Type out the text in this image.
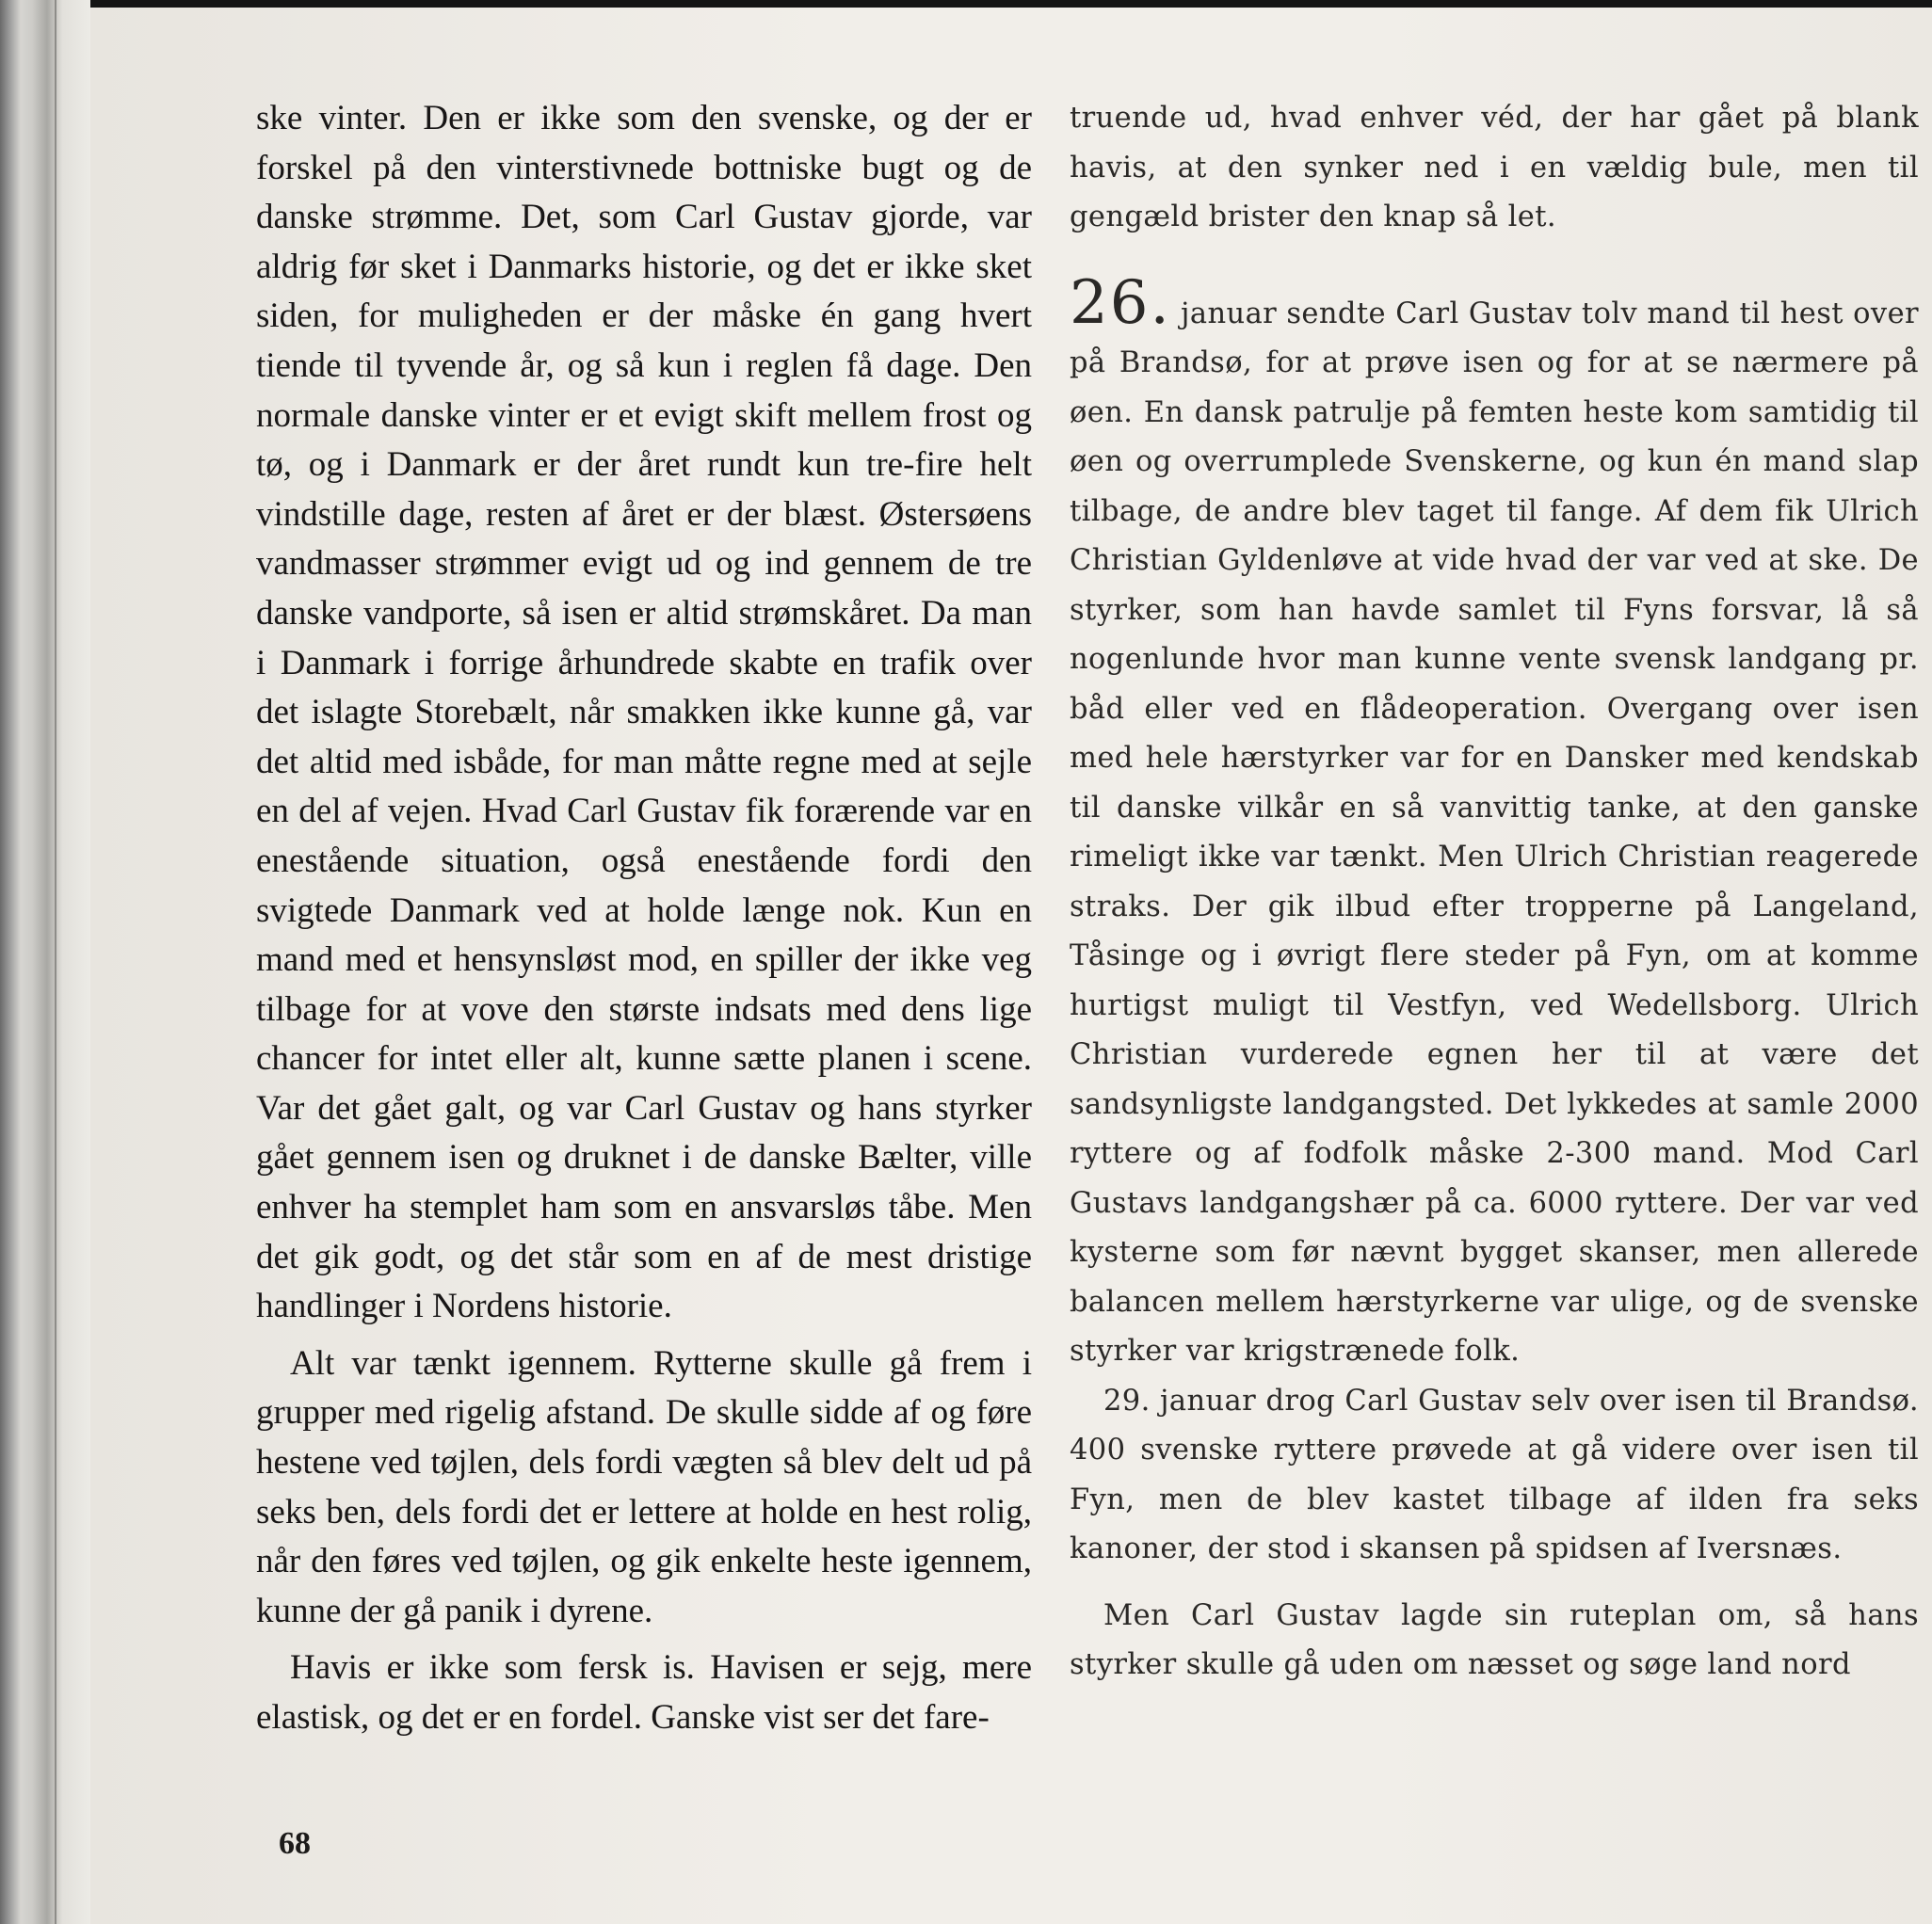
ske vinter. Den er ikke som den svenske, og der er forskel på den vinterstivnede bottniske bugt og de danske strømme. Det, som Carl Gustav gjorde, var aldrig før sket i Danmarks historie, og det er ikke sket siden, for muligheden er der måske én gang hvert tiende til tyvende år, og så kun i reglen få dage. Den normale danske vinter er et evigt skift mellem frost og tø, og i Danmark er der året rundt kun tre-fire helt vindstille dage, resten af året er der blæst. Østersøens vandmasser strømmer evigt ud og ind gennem de tre danske vandporte, så isen er altid strømskåret. Da man i Danmark i forrige århundrede skabte en trafik over det islagte Storebælt, når smakken ikke kunne gå, var det altid med isbåde, for man måtte regne med at sejle en del af vejen. Hvad Carl Gustav fik forærende var en enestående situation, også enestående fordi den svigtede Danmark ved at holde længe nok. Kun en mand med et hensynsløst mod, en spiller der ikke veg tilbage for at vove den største indsats med dens lige chancer for intet eller alt, kunne sætte planen i scene. Var det gået galt, og var Carl Gustav og hans styrker gået gennem isen og druknet i de danske Bælter, ville enhver ha stemplet ham som en ansvarsløs tåbe. Men det gik godt, og det står som en af de mest dristige handlinger i Nordens historie.

Alt var tænkt igennem. Rytterne skulle gå frem i grupper med rigelig afstand. De skulle sidde af og føre hestene ved tøjlen, dels fordi vægten så blev delt ud på seks ben, dels fordi det er lettere at holde en hest rolig, når den føres ved tøjlen, og gik enkelte heste igennem, kunne der gå panik i dyrene.

Havis er ikke som fersk is. Havisen er sejg, mere elastisk, og det er en fordel. Ganske vist ser det fare-

truende ud, hvad enhver véd, der har gået på blank havis, at den synker ned i en vældig bule, men til gengæld brister den knap så let.

26. januar sendte Carl Gustav tolv mand til hest over på Brandsø, for at prøve isen og for at se nærmere på øen. En dansk patrulje på femten heste kom samtidig til øen og overrumplede Svenskerne, og kun én mand slap tilbage, de andre blev taget til fange. Af dem fik Ulrich Christian Gyldenløve at vide hvad der var ved at ske. De styrker, som han havde samlet til Fyns forsvar, lå så nogenlunde hvor man kunne vente svensk landgang pr. båd eller ved en flådeoperation. Overgang over isen med hele hærstyrker var for en Dansker med kendskab til danske vilkår en så vanvittig tanke, at den ganske rimeligt ikke var tænkt. Men Ulrich Christian reagerede straks. Der gik ilbud efter tropperne på Langeland, Tåsinge og i øvrigt flere steder på Fyn, om at komme hurtigst muligt til Vestfyn, ved Wedellsborg. Ulrich Christian vurderede egnen her til at være det sandsynligste landgangsted. Det lykkedes at samle 2000 ryttere og af fodfolk måske 2-300 mand. Mod Carl Gustavs landgangshær på ca. 6000 ryttere. Der var ved kysterne som før nævnt bygget skanser, men allerede balancen mellem hærstyrkerne var ulige, og de svenske styrker var krigstrænede folk.

29. januar drog Carl Gustav selv over isen til Brandsø. 400 svenske ryttere prøvede at gå videre over isen til Fyn, men de blev kastet tilbage af ilden fra seks kanoner, der stod i skansen på spidsen af Iversnæs.

Men Carl Gustav lagde sin ruteplan om, så hans styrker skulle gå uden om næsset og søge land nord

68
